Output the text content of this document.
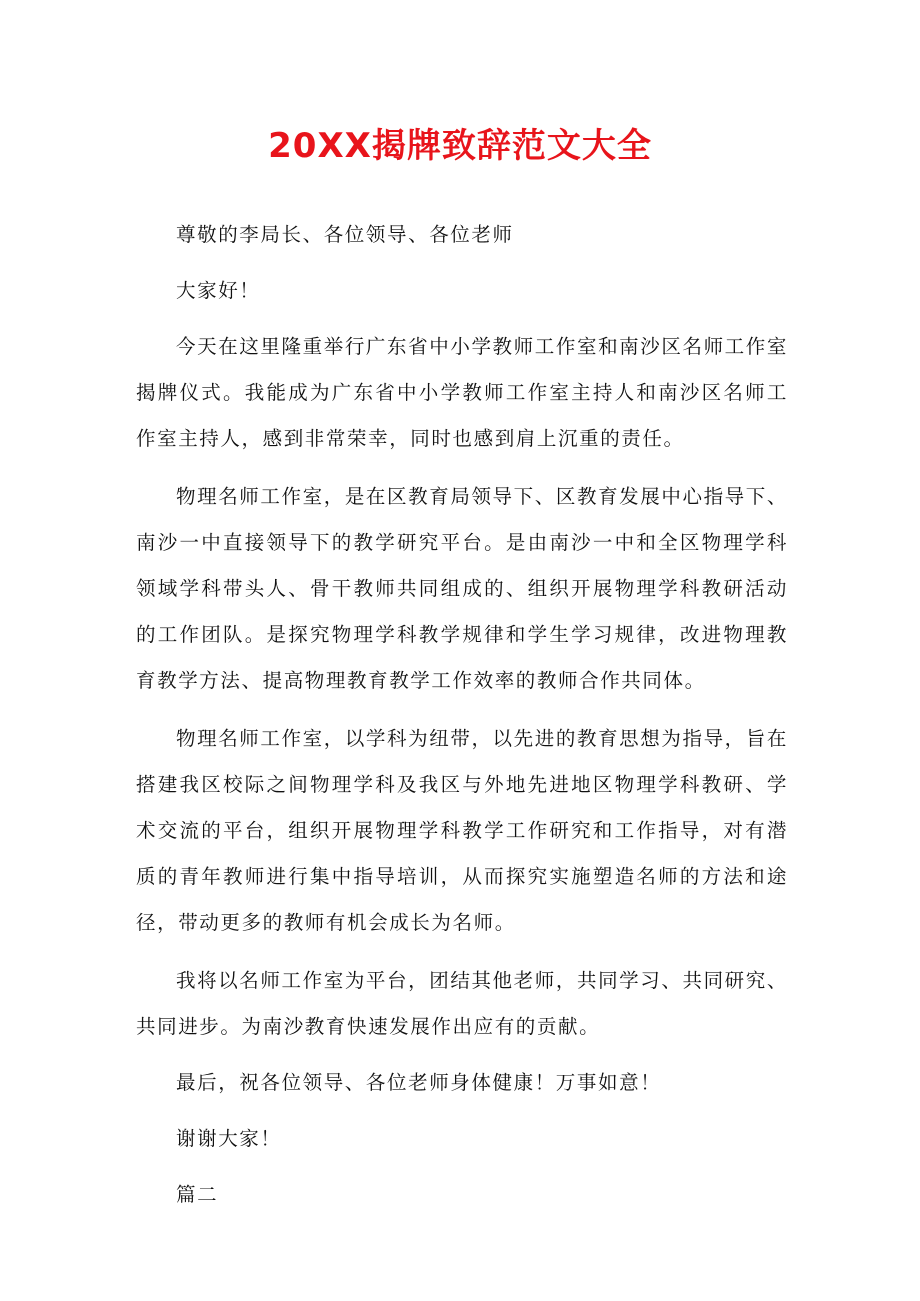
20XX揭牌致辞范文大全

尊敬的李局长、各位领导、各位老师

大家好！

今天在这里隆重举行广东省中小学教师工作室和南沙区名师工作室揭牌仪式。我能成为广东省中小学教师工作室主持人和南沙区名师工作室主持人，感到非常荣幸，同时也感到肩上沉重的责任。

物理名师工作室，是在区教育局领导下、区教育发展中心指导下、南沙一中直接领导下的教学研究平台。是由南沙一中和全区物理学科领域学科带头人、骨干教师共同组成的、组织开展物理学科教研活动的工作团队。是探究物理学科教学规律和学生学习规律，改进物理教育教学方法、提高物理教育教学工作效率的教师合作共同体。

物理名师工作室，以学科为纽带，以先进的教育思想为指导，旨在搭建我区校际之间物理学科及我区与外地先进地区物理学科教研、学术交流的平台，组织开展物理学科教学工作研究和工作指导，对有潜质的青年教师进行集中指导培训，从而探究实施塑造名师的方法和途径，带动更多的教师有机会成长为名师。

我将以名师工作室为平台，团结其他老师，共同学习、共同研究、共同进步。为南沙教育快速发展作出应有的贡献。

最后，祝各位领导、各位老师身体健康！万事如意！

谢谢大家！

篇二
